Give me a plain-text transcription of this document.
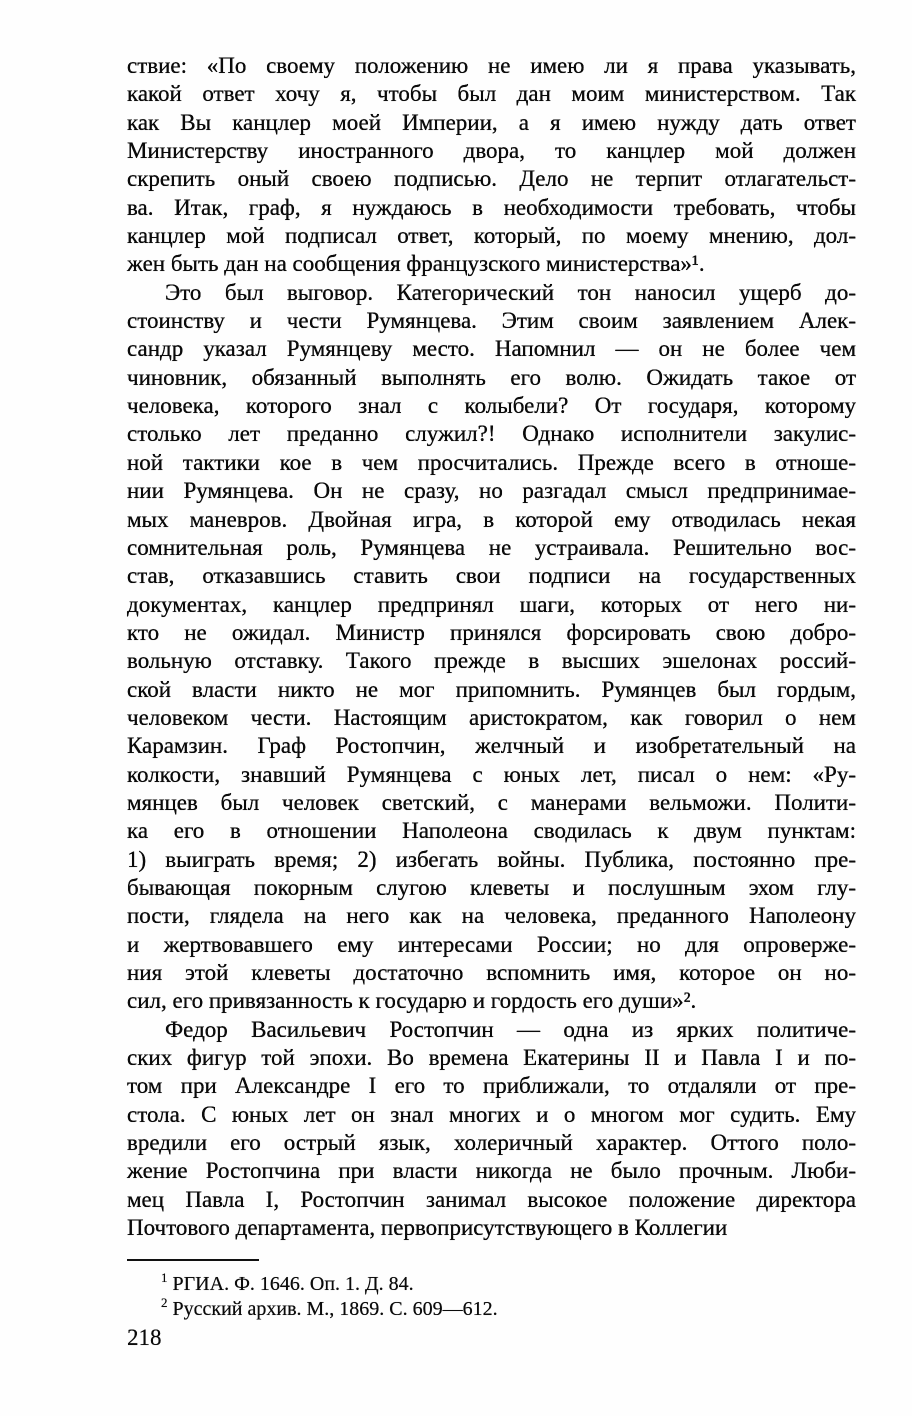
ствие: «По своему положению не имею ли я права указывать,
какой ответ хочу я, чтобы был дан моим министерством. Так
как Вы канцлер моей Империи, а я имею нужду дать ответ
Министерству иностранного двора, то канцлер мой должен
скрепить оный своею подписью. Дело не терпит отлагательст-
ва. Итак, граф, я нуждаюсь в необходимости требовать, чтобы
канцлер мой подписал ответ, который, по моему мнению, дол-
жен быть дан на сообщения французского министерства»¹.
Это был выговор. Категорический тон наносил ущерб до-
стоинству и чести Румянцева. Этим своим заявлением Алек-
сандр указал Румянцеву место. Напомнил — он не более чем
чиновник, обязанный выполнять его волю. Ожидать такое от
человека, которого знал с колыбели? От государя, которому
столько лет преданно служил?! Однако исполнители закулис-
ной тактики кое в чем просчитались. Прежде всего в отноше-
нии Румянцева. Он не сразу, но разгадал смысл предпринимае-
мых маневров. Двойная игра, в которой ему отводилась некая
сомнительная роль, Румянцева не устраивала. Решительно вос-
став, отказавшись ставить свои подписи на государственных
документах, канцлер предпринял шаги, которых от него ни-
кто не ожидал. Министр принялся форсировать свою добро-
вольную отставку. Такого прежде в высших эшелонах россий-
ской власти никто не мог припомнить. Румянцев был гордым,
человеком чести. Настоящим аристократом, как говорил о нем
Карамзин. Граф Ростопчин, желчный и изобретательный на
колкости, знавший Румянцева с юных лет, писал о нем: «Ру-
мянцев был человек светский, с манерами вельможи. Полити-
ка его в отношении Наполеона сводилась к двум пунктам:
1) выиграть время; 2) избегать войны. Публика, постоянно пре-
бывающая покорным слугою клеветы и послушным эхом глу-
пости, глядела на него как на человека, преданного Наполеону
и жертвовавшего ему интересами России; но для опроверже-
ния этой клеветы достаточно вспомнить имя, которое он но-
сил, его привязанность к государю и гордость его души»².
Федор Васильевич Ростопчин — одна из ярких политиче-
ских фигур той эпохи. Во времена Екатерины II и Павла I и по-
том при Александре I его то приближали, то отдаляли от пре-
стола. С юных лет он знал многих и о многом мог судить. Ему
вредили его острый язык, холеричный характер. Оттого поло-
жение Ростопчина при власти никогда не было прочным. Люби-
мец Павла I, Ростопчин занимал высокое положение директора
Почтового департамента, первоприсутствующего в Коллегии
$^1$ РГИА. Ф. 1646. Оп. 1. Д. 84.
$^2$ Русский архив. М., 1869. С. 609—612.
218
